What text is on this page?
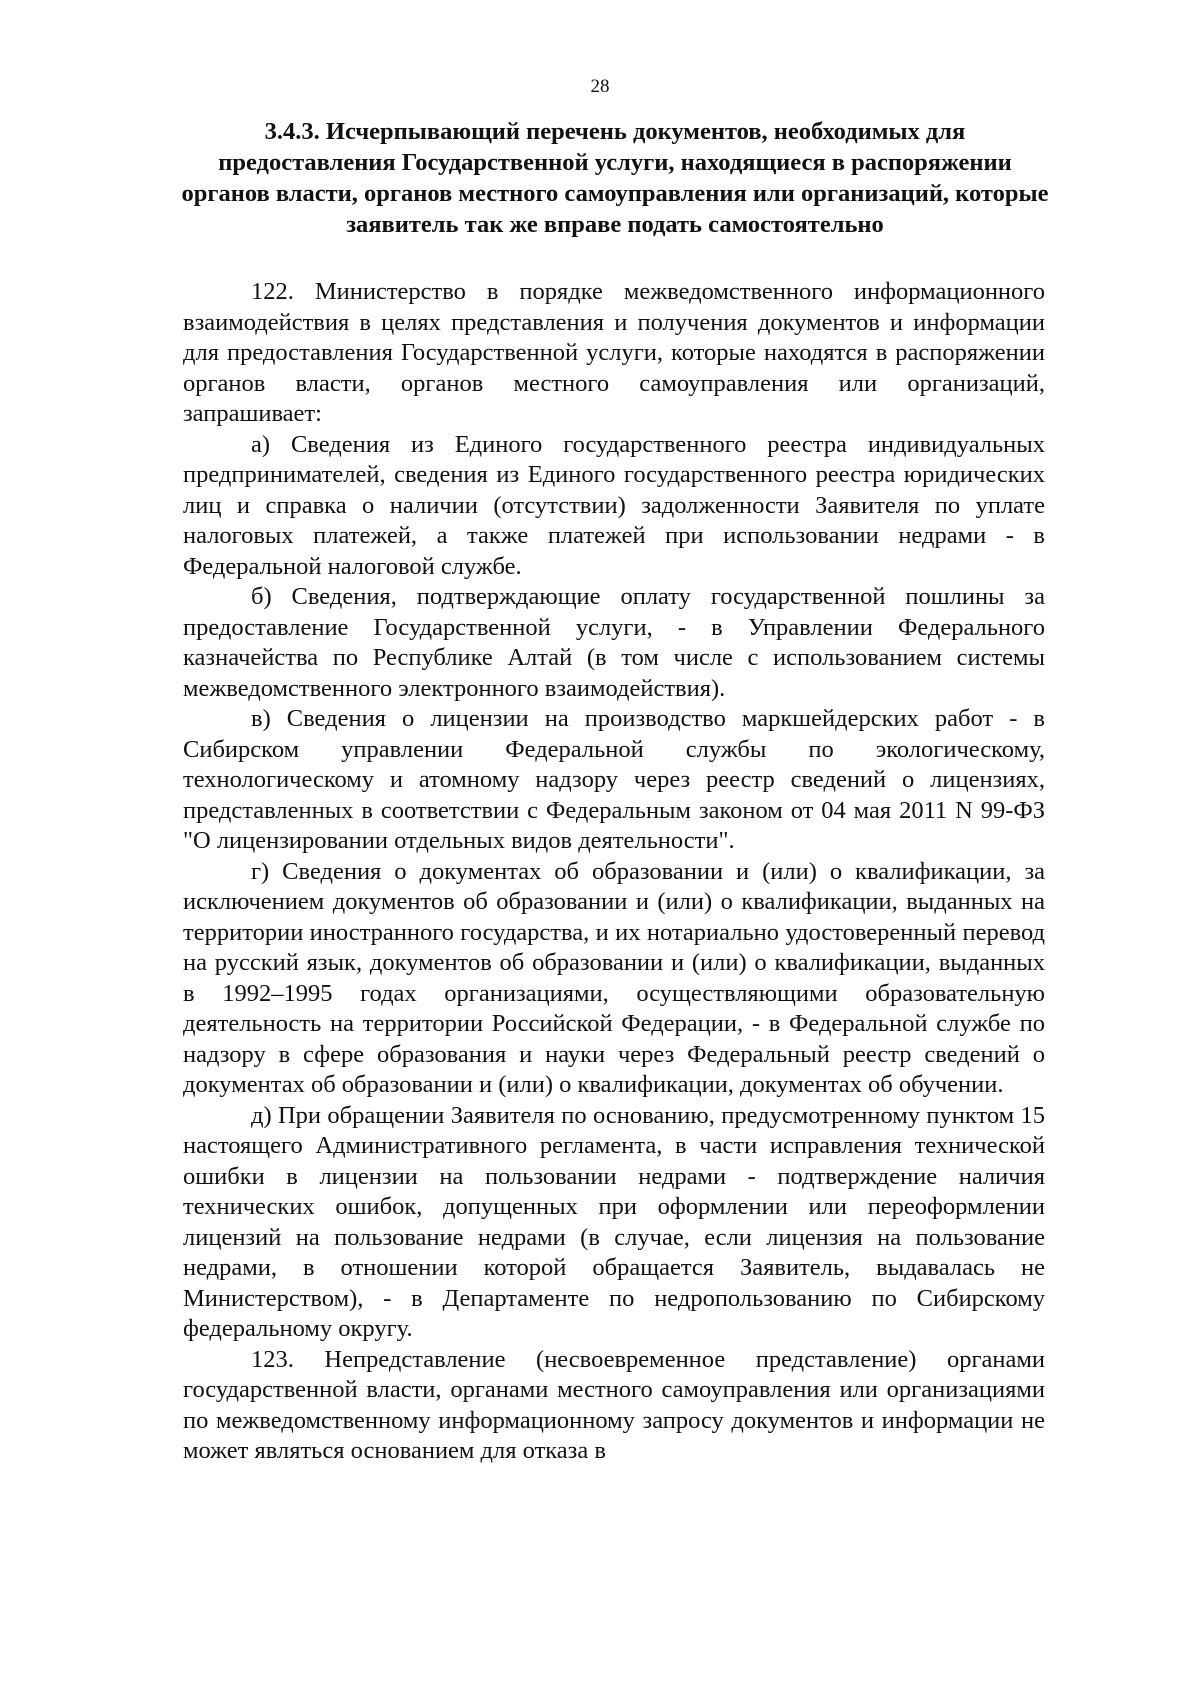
28
3.4.3. Исчерпывающий перечень документов, необходимых для предоставления Государственной услуги, находящиеся в распоряжении органов власти, органов местного самоуправления или организаций, которые заявитель так же вправе подать самостоятельно

122. Министерство в порядке межведомственного информационного взаимодействия в целях представления и получения документов и информации для предоставления Государственной услуги, которые находятся в распоряжении органов власти, органов местного самоуправления или организаций, запрашивает:

а) Сведения из Единого государственного реестра индивидуальных предпринимателей, сведения из Единого государственного реестра юридических лиц и справка о наличии (отсутствии) задолженности Заявителя по уплате налоговых платежей, а также платежей при использовании недрами - в Федеральной налоговой службе.

б) Сведения, подтверждающие оплату государственной пошлины за предоставление Государственной услуги, - в Управлении Федерального казначейства по Республике Алтай (в том числе с использованием системы межведомственного электронного взаимодействия).

в) Сведения о лицензии на производство маркшейдерских работ - в Сибирском управлении Федеральной службы по экологическому, технологическому и атомному надзору через реестр сведений о лицензиях, представленных в соответствии с Федеральным законом от 04 мая 2011 N 99-ФЗ "О лицензировании отдельных видов деятельности".

г) Сведения о документах об образовании и (или) о квалификации, за исключением документов об образовании и (или) о квалификации, выданных на территории иностранного государства, и их нотариально удостоверенный перевод на русский язык, документов об образовании и (или) о квалификации, выданных в 1992–1995 годах организациями, осуществляющими образовательную деятельность на территории Российской Федерации, - в Федеральной службе по надзору в сфере образования и науки через Федеральный реестр сведений о документах об образовании и (или) о квалификации, документах об обучении.

д) При обращении Заявителя по основанию, предусмотренному пунктом 15 настоящего Административного регламента, в части исправления технической ошибки в лицензии на пользовании недрами - подтверждение наличия технических ошибок, допущенных при оформлении или переоформлении лицензий на пользование недрами (в случае, если лицензия на пользование недрами, в отношении которой обращается Заявитель, выдавалась не Министерством), - в Департаменте по недропользованию по Сибирскому федеральному округу.

123. Непредставление (несвоевременное представление) органами государственной власти, органами местного самоуправления или организациями по межведомственному информационному запросу документов и информации не может являться основанием для отказа в
